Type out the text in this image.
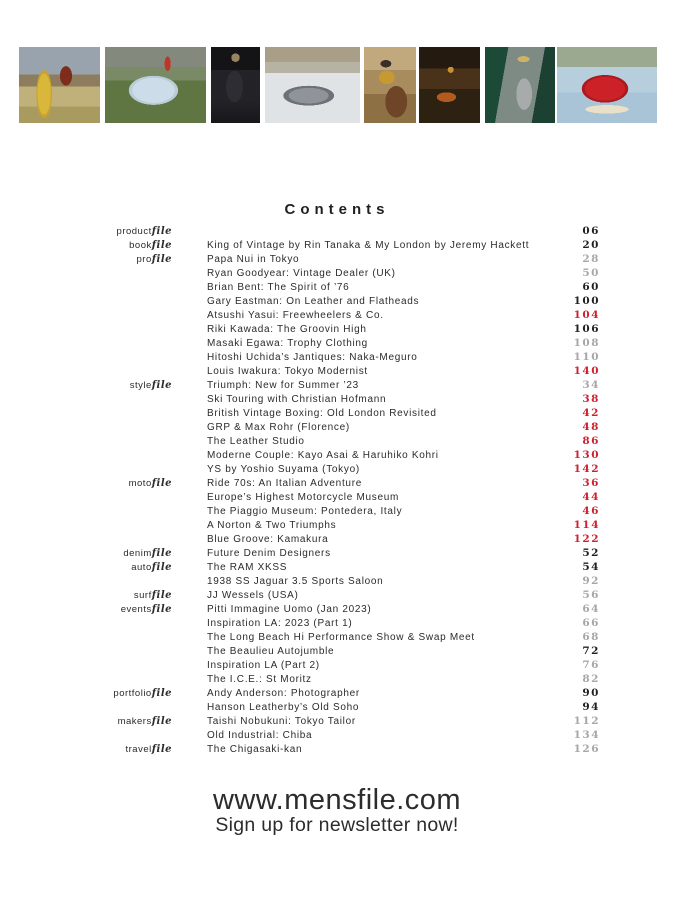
Contents
productfile	06
bookfile	King of Vintage by Rin Tanaka & My London by Jeremy Hackett	20
profile	Papa Nui in Tokyo	28
Ryan Goodyear: Vintage Dealer (UK)	50
Brian Bent: The Spirit of ’76	60
Gary Eastman: On Leather and Flatheads	100
Atsushi Yasui: Freewheelers & Co.	104
Riki Kawada: The Groovin High	106
Masaki Egawa: Trophy Clothing	108
Hitoshi Uchida’s Jantiques: Naka-Meguro	110
Louis Iwakura: Tokyo Modernist	140
stylefile	Triumph: New for Summer ’23	34
Ski Touring with Christian Hofmann	38
British Vintage Boxing: Old London Revisited	42
GRP & Max Rohr (Florence)	48
The Leather Studio	86
Moderne Couple: Kayo Asai & Haruhiko Kohri	130
YS by Yoshio Suyama (Tokyo)	142
motofile	Ride 70s: An Italian Adventure	36
Europe’s Highest Motorcycle Museum	44
The Piaggio Museum: Pontedera, Italy	46
A Norton & Two Triumphs	114
Blue Groove: Kamakura	122
denimfile	Future Denim Designers	52
autofile	The RAM XKSS	54
1938 SS Jaguar 3.5 Sports Saloon	92
surffile	JJ Wessels (USA)	56
eventsfile	Pitti Immagine Uomo (Jan 2023)	64
Inspiration LA: 2023 (Part 1)	66
The Long Beach Hi Performance Show & Swap Meet	68
The Beaulieu Autojumble	72
Inspiration LA (Part 2)	76
The I.C.E.: St Moritz	82
portfoliofile	Andy Anderson: Photographer	90
Hanson Leatherby’s Old Soho	94
makersfile	Taishi Nobukuni: Tokyo Tailor	112
Old Industrial: Chiba	134
travelfile	The Chigasaki-kan	126
www.mensfile.com
Sign up for newsletter now!
